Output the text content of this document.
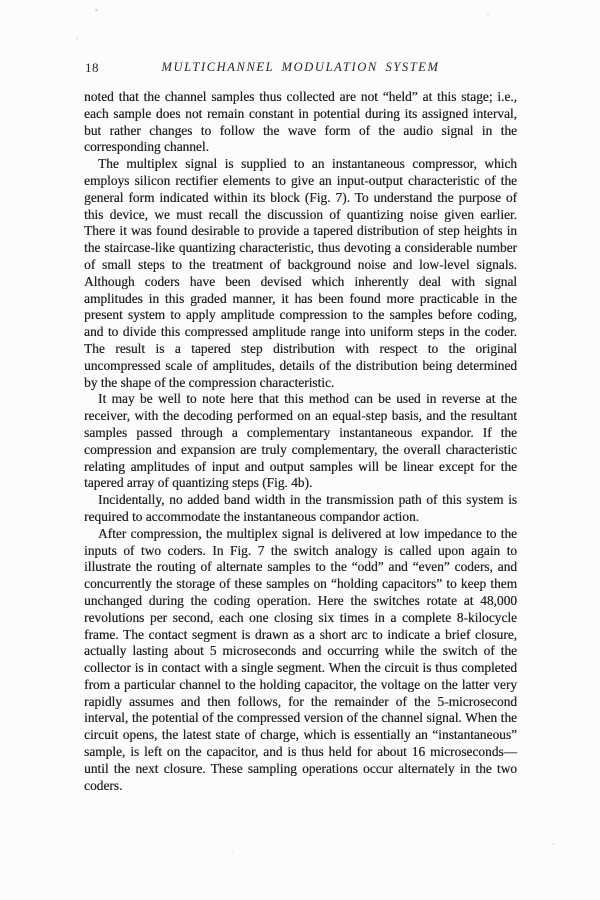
18	MULTICHANNEL MODULATION SYSTEM

noted that the channel samples thus collected are not “held” at this stage; i.e., each sample does not remain constant in potential during its assigned interval, but rather changes to follow the wave form of the audio signal in the corresponding channel.

The multiplex signal is supplied to an instantaneous compressor, which employs silicon rectifier elements to give an input-output characteristic of the general form indicated within its block (Fig. 7). To understand the purpose of this device, we must recall the discussion of quantizing noise given earlier. There it was found desirable to provide a tapered distribution of step heights in the staircase-like quantizing characteristic, thus devoting a considerable number of small steps to the treatment of background noise and low-level signals. Although coders have been devised which inherently deal with signal amplitudes in this graded manner, it has been found more practicable in the present system to apply amplitude compression to the samples before coding, and to divide this compressed amplitude range into uniform steps in the coder. The result is a tapered step distribution with respect to the original uncompressed scale of amplitudes, details of the distribution being determined by the shape of the compression characteristic.

It may be well to note here that this method can be used in reverse at the receiver, with the decoding performed on an equal-step basis, and the resultant samples passed through a complementary instantaneous expandor. If the compression and expansion are truly complementary, the overall characteristic relating amplitudes of input and output samples will be linear except for the tapered array of quantizing steps (Fig. 4b).

Incidentally, no added band width in the transmission path of this system is required to accommodate the instantaneous compandor action.

After compression, the multiplex signal is delivered at low impedance to the inputs of two coders. In Fig. 7 the switch analogy is called upon again to illustrate the routing of alternate samples to the “odd” and “even” coders, and concurrently the storage of these samples on “holding capacitors” to keep them unchanged during the coding operation. Here the switches rotate at 48,000 revolutions per second, each one closing six times in a complete 8-kilocycle frame. The contact segment is drawn as a short arc to indicate a brief closure, actually lasting about 5 microseconds and occurring while the switch of the collector is in contact with a single segment. When the circuit is thus completed from a particular channel to the holding capacitor, the voltage on the latter very rapidly assumes and then follows, for the remainder of the 5-microsecond interval, the potential of the compressed version of the channel signal. When the circuit opens, the latest state of charge, which is essentially an “instantaneous” sample, is left on the capacitor, and is thus held for about 16 microseconds—until the next closure. These sampling operations occur alternately in the two coders.
